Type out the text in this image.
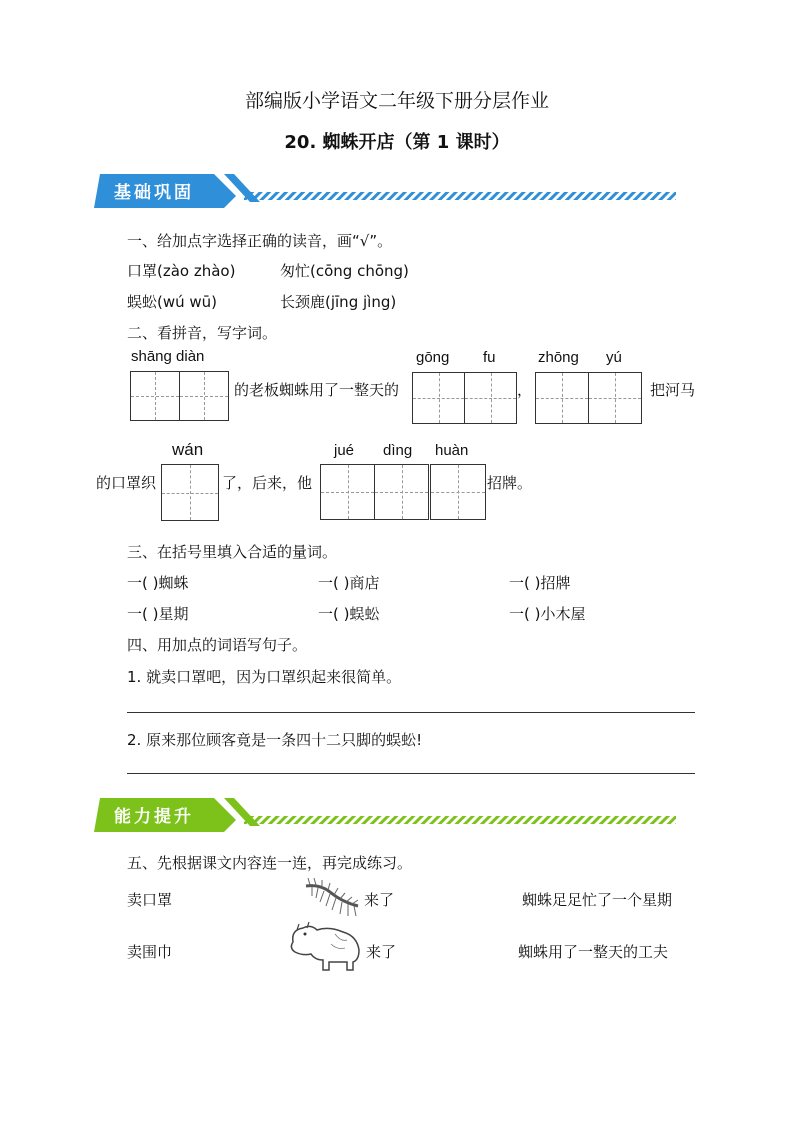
部编版小学语文二年级下册分层作业
20. 蜘蛛开店（第 1 课时）
基础巩固
一、给加点字选择正确的读音，画“√”。
口罩(zào zhào)	匆忙(cōng chōng)
蜈蚣(wú wū)	长颈鹿(jīng jìng)
二、看拼音，写字词。
shāng diàn
的老板蜘蛛用了一整天的
gōng fu
，
zhōng yú
把河马
的口罩织
wán
了，后来，他
jué dìng huàn
招牌。
三、在括号里填入合适的量词。
一( )蜘蛛	一( )商店	一( )招牌
一( )星期	一( )蜈蚣	一( )小木屋
四、用加点的词语写句子。
1. 就卖口罩吧，因为口罩织起来很简单。
2. 原来那位顾客竟是一条四十二只脚的蜈蚣!
能力提升
五、先根据课文内容连一连，再完成练习。
卖口罩	来了	蜘蛛足足忙了一个星期
卖围巾	来了	蜘蛛用了一整天的工夫
